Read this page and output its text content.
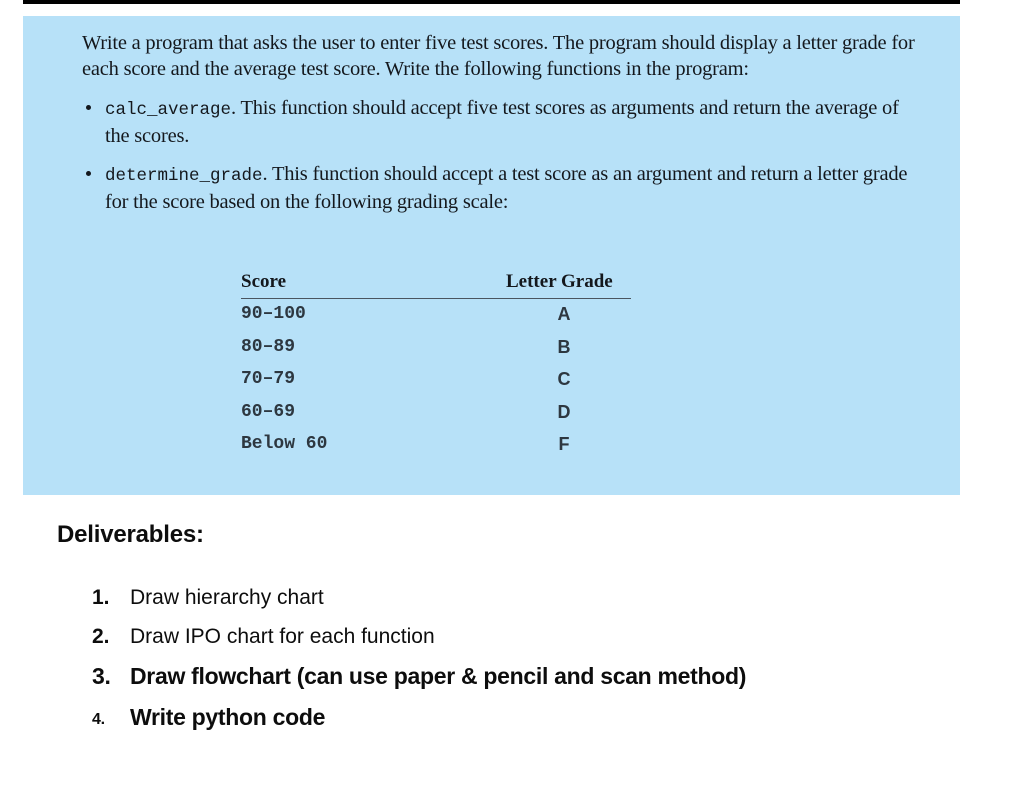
Write a program that asks the user to enter five test scores. The program should display a letter grade for each score and the average test score. Write the following functions in the program:

calc_average. This function should accept five test scores as arguments and return the average of the scores.
determine_grade. This function should accept a test score as an argument and return a letter grade for the score based on the following grading scale:
Score	Letter Grade
90–100	A
80–89	B
70–79	C
60–69	D
Below 60	F
Deliverables:
1. Draw hierarchy chart
2. Draw IPO chart for each function
3. Draw flowchart (can use paper & pencil and scan method)
4. Write python code
